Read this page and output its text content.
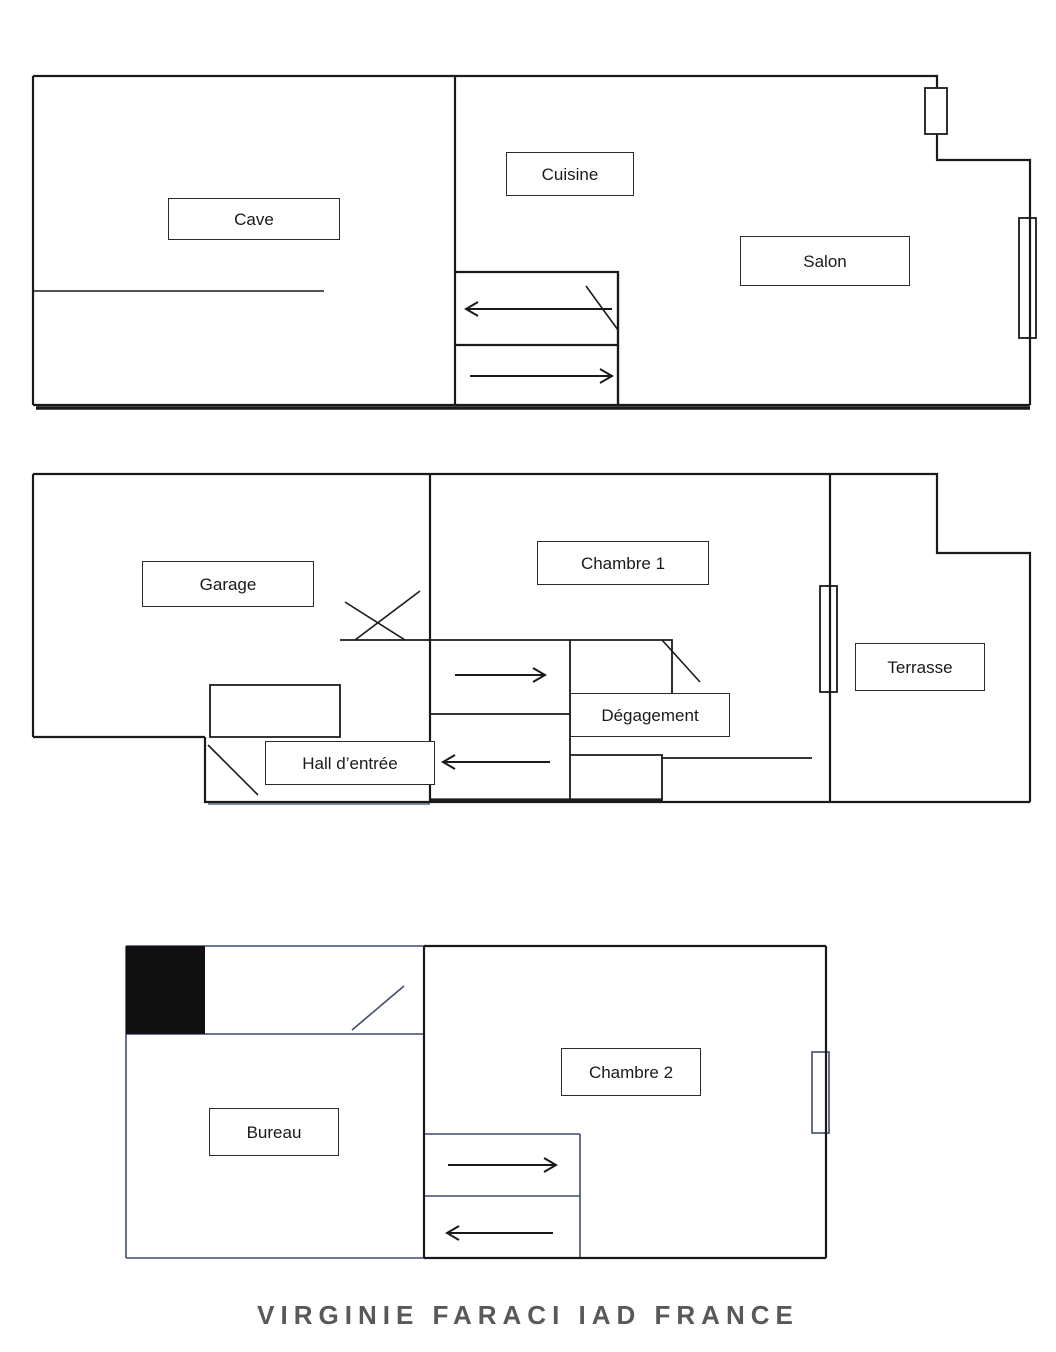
Cave
Cuisine
Salon
Garage
Chambre 1
Terrasse
Dégagement
Hall d’entrée
Chambre 2
Bureau
VIRGINIE FARACI IAD FRANCE
